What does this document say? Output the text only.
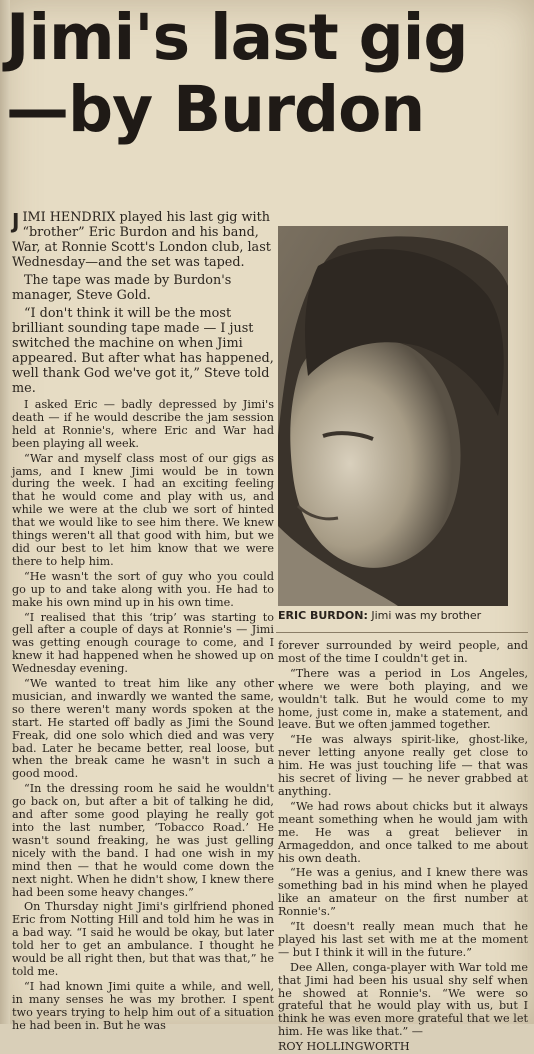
Jimi's last gig
—by Burdon

JIMI HENDRIX played his last gig with “brother” Eric Burdon and his band, War, at Ronnie Scott's London club, last Wednesday—and the set was taped.

The tape was made by Burdon's manager, Steve Gold.

“I don't think it will be the most brilliant sounding tape made — I just switched the machine on when Jimi appeared. But after what has happened, well thank God we've got it,” Steve told me.

I asked Eric — badly depressed by Jimi's death — if he would describe the jam session held at Ronnie's, where Eric and War had been playing all week.

“War and myself class most of our gigs as jams, and I knew Jimi would be in town during the week. I had an exciting feeling that he would come and play with us, and while we were at the club we sort of hinted that we would like to see him there. We knew things weren't all that good with him, but we did our best to let him know that we were there to help him.

“He wasn't the sort of guy who you could go up to and take along with you. He had to make his own mind up in his own time.

“I realised that this ‘trip’ was starting to gell after a couple of days at Ronnie's — Jimi was getting enough courage to come, and I knew it had happened when he showed up on Wednesday evening.

“We wanted to treat him like any other musician, and inwardly we wanted the same, so there weren't many words spoken at the start. He started off badly as Jimi the Sound Freak, did one solo which died and was very bad. Later he became better, real loose, but when the break came he wasn't in such a good mood.

“In the dressing room he said he wouldn't go back on, but after a bit of talking he did, and after some good playing he really got into the last number, ‘Tobacco Road.’ He wasn't sound freaking, he was just gelling nicely with the band. I had one wish in my mind then — that he would come down the next night. When he didn't show, I knew there had been some heavy changes.”

On Thursday night Jimi's girlfriend phoned Eric from Notting Hill and told him he was in a bad way. “I said he would be okay, but later told her to get an ambulance. I thought he would be all right then, but that was that,” he told me.

“I had known Jimi quite a while, and well, in many senses he was my brother. I spent two years trying to help him out of a situation he had been in. But he was

ERIC BURDON: Jimi was my brother

forever surrounded by weird people, and most of the time I couldn't get in.

“There was a period in Los Angeles, where we were both playing, and we wouldn't talk. But he would come to my home, just come in, make a statement, and leave. But we often jammed together.

“He was always spirit-like, ghost-like, never letting anyone really get close to him. He was just touching life — that was his secret of living — he never grabbed at anything.

“We had rows about chicks but it always meant something when he would jam with me. He was a great believer in Armageddon, and once talked to me about his own death.

“He was a genius, and I knew there was something bad in his mind when he played like an amateur on the first number at Ronnie's.”

“It doesn't really mean much that he played his last set with me at the moment — but I think it will in the future.”

Dee Allen, conga-player with War told me that Jimi had been his usual shy self when he showed at Ronnie's. “We were so grateful that he would play with us, but I think he was even more grateful that we let him. He was like that.” —

ROY HOLLINGWORTH
